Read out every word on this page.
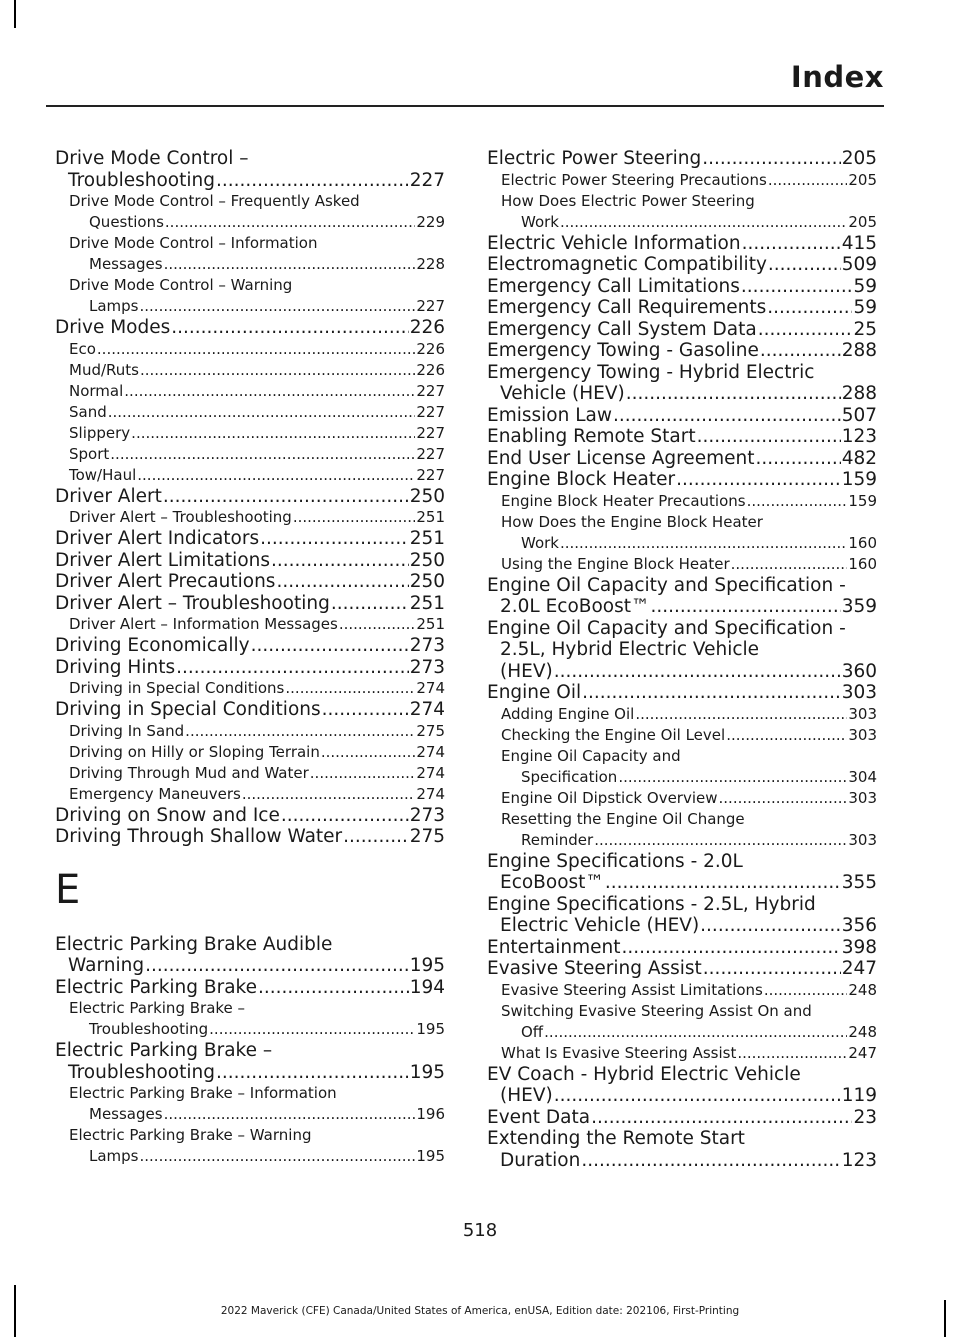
Index
Drive Mode Control –
Troubleshooting .....	227
Drive Mode Control – Frequently Asked
Questions .....	229
Drive Mode Control – Information
Messages .....	228
Drive Mode Control – Warning
Lamps .....	227
Drive Modes .....	226
Eco .....	226
Mud/Ruts .....	226
Normal .....	227
Sand .....	227
Slippery .....	227
Sport .....	227
Tow/Haul .....	227
Driver Alert .....	250
Driver Alert – Troubleshooting .....	251
Driver Alert Indicators .....	251
Driver Alert Limitations .....	250
Driver Alert Precautions .....	250
Driver Alert – Troubleshooting .....	251
Driver Alert – Information Messages .....	251
Driving Economically .....	273
Driving Hints .....	273
Driving in Special Conditions .....	274
Driving in Special Conditions .....	274
Driving In Sand .....	275
Driving on Hilly or Sloping Terrain .....	274
Driving Through Mud and Water .....	274
Emergency Maneuvers .....	274
Driving on Snow and Ice .....	273
Driving Through Shallow Water .....	275
E
Electric Parking Brake Audible
Warning .....	195
Electric Parking Brake .....	194
Electric Parking Brake –
Troubleshooting .....	195
Electric Parking Brake –
Troubleshooting .....	195
Electric Parking Brake – Information
Messages .....	196
Electric Parking Brake – Warning
Lamps .....	195
Electric Power Steering .....	205
Electric Power Steering Precautions .....	205
How Does Electric Power Steering
Work .....	205
Electric Vehicle Information .....	415
Electromagnetic Compatibility .....	509
Emergency Call Limitations .....	59
Emergency Call Requirements .....	59
Emergency Call System Data .....	25
Emergency Towing - Gasoline .....	288
Emergency Towing - Hybrid Electric
Vehicle (HEV) .....	288
Emission Law .....	507
Enabling Remote Start .....	123
End User License Agreement .....	482
Engine Block Heater .....	159
Engine Block Heater Precautions .....	159
How Does the Engine Block Heater
Work .....	160
Using the Engine Block Heater .....	160
Engine Oil Capacity and Specification -
2.0L EcoBoost™ .....	359
Engine Oil Capacity and Specification -
2.5L, Hybrid Electric Vehicle
(HEV) .....	360
Engine Oil .....	303
Adding Engine Oil .....	303
Checking the Engine Oil Level .....	303
Engine Oil Capacity and
Specification .....	304
Engine Oil Dipstick Overview .....	303
Resetting the Engine Oil Change
Reminder .....	303
Engine Specifications - 2.0L
EcoBoost™ .....	355
Engine Specifications - 2.5L, Hybrid
Electric Vehicle (HEV) .....	356
Entertainment .....	398
Evasive Steering Assist .....	247
Evasive Steering Assist Limitations .....	248
Switching Evasive Steering Assist On and
Off .....	248
What Is Evasive Steering Assist .....	247
EV Coach - Hybrid Electric Vehicle
(HEV) .....	119
Event Data .....	23
Extending the Remote Start
Duration .....	123
518
2022 Maverick (CFE) Canada/United States of America, enUSA, Edition date: 202106, First-Printing
